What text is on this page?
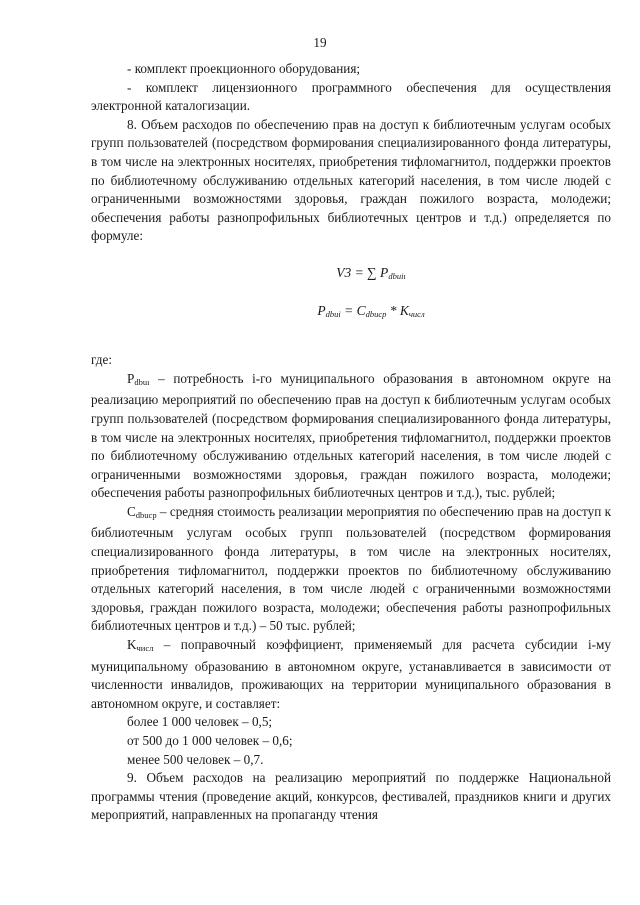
19

- комплект проекционного оборудования;

- комплект лицензионного программного обеспечения для осуществления электронной каталогизации.

8. Объем расходов по обеспечению прав на доступ к библиотечным услугам особых групп пользователей (посредством формирования специализированного фонда литературы, в том числе на электронных носителях, приобретения тифломагнитол, поддержки проектов по библиотечному обслуживанию отдельных категорий населения, в том числе людей с ограниченными возможностями здоровья, граждан пожилого возраста, молодежи; обеспечения работы разнопрофильных библиотечных центров и т.д.) определяется по формуле:

V3 = ∑ Pdbuiı
Pdbui = Cdbucp * Kчисл

где:

$P_{dbuı}$ – потребность i-го муниципального образования в автономном округе на реализацию мероприятий по обеспечению прав на доступ к библиотечным услугам особых групп пользователей (посредством формирования специализированного фонда литературы, в том числе на электронных носителях, приобретения тифломагнитол, поддержки проектов по библиотечному обслуживанию отдельных категорий населения, в том числе людей с ограниченными возможностями здоровья, граждан пожилого возраста, молодежи; обеспечения работы разнопрофильных библиотечных центров и т.д.), тыс. рублей;

$C_{dbucp}$ – средняя стоимость реализации мероприятия по обеспечению прав на доступ к библиотечным услугам особых групп пользователей (посредством формирования специализированного фонда литературы, в том числе на электронных носителях, приобретения тифломагнитол, поддержки проектов по библиотечному обслуживанию отдельных категорий населения, в том числе людей с ограниченными возможностями здоровья, граждан пожилого возраста, молодежи; обеспечения работы разнопрофильных библиотечных центров и т.д.) – 50 тыс. рублей;

$K_{числ}$ – поправочный коэффициент, применяемый для расчета субсидии i-му муниципальному образованию в автономном округе, устанавливается в зависимости от численности инвалидов, проживающих на территории муниципального образования в автономном округе, и составляет:

более 1 000 человек – 0,5;

от 500 до 1 000 человек – 0,6;

менее 500 человек – 0,7.

9. Объем расходов на реализацию мероприятий по поддержке Национальной программы чтения (проведение акций, конкурсов, фестивалей, праздников книги и других мероприятий, направленных на пропаганду чтения
